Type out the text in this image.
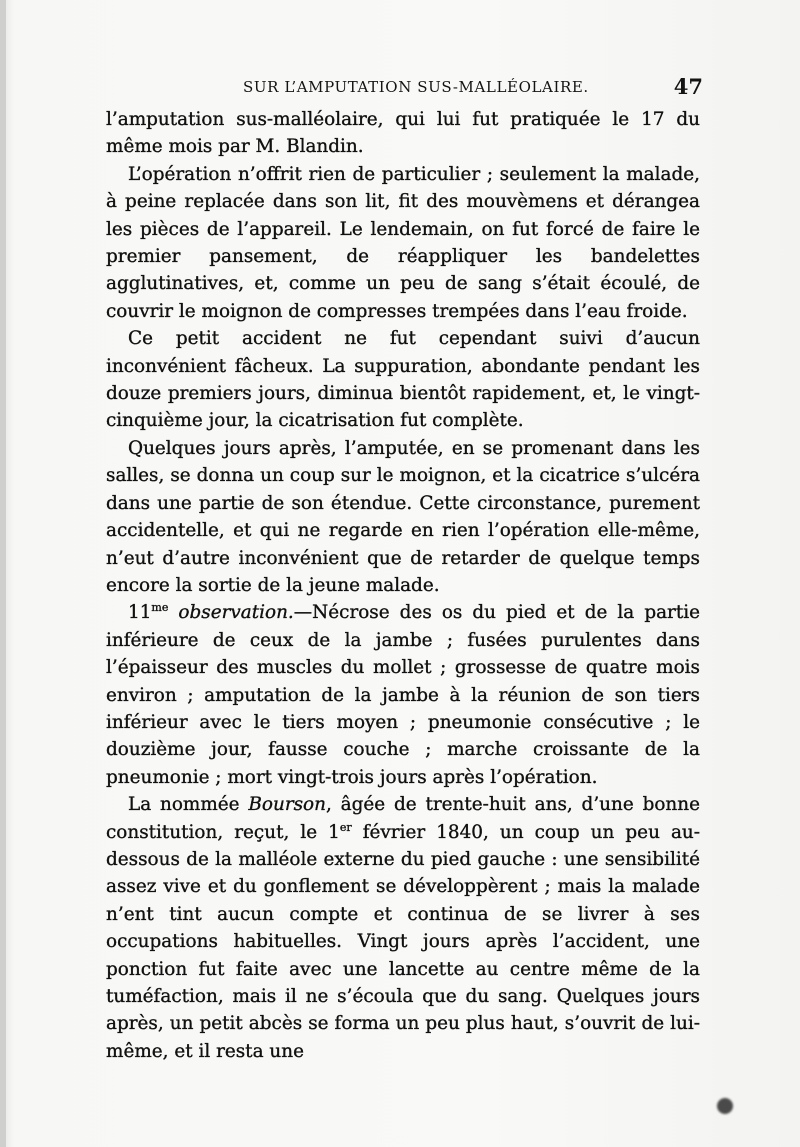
SUR L’AMPUTATION SUS-MALLÉOLAIRE.	47

l’amputation sus-malléolaire, qui lui fut pratiquée le 17 du même mois par M. Blandin.

L’opération n’offrit rien de particulier ; seulement la malade, à peine replacée dans son lit, fit des mouvèmens et dérangea les pièces de l’appareil. Le lendemain, on fut forcé de faire le premier pansement, de réappliquer les bandelettes agglutinatives, et, comme un peu de sang s’était écoulé, de couvrir le moignon de compresses trempées dans l’eau froide.

Ce petit accident ne fut cependant suivi d’aucun inconvénient fâcheux. La suppuration, abondante pendant les douze premiers jours, diminua bientôt rapidement, et, le vingt-cinquième jour, la cicatrisation fut complète.

Quelques jours après, l’amputée, en se promenant dans les salles, se donna un coup sur le moignon, et la cicatrice s’ulcéra dans une partie de son étendue. Cette circonstance, purement accidentelle, et qui ne regarde en rien l’opération elle-même, n’eut d’autre inconvénient que de retarder de quelque temps encore la sortie de la jeune malade.

$11^{me}$ observation.—Nécrose des os du pied et de la partie inférieure de ceux de la jambe ; fusées purulentes dans l’épaisseur des muscles du mollet ; grossesse de quatre mois environ ; amputation de la jambe à la réunion de son tiers inférieur avec le tiers moyen ; pneumonie consécutive ; le douzième jour, fausse couche ; marche croissante de la pneumonie ; mort vingt-trois jours après l’opération.

La nommée Bourson, âgée de trente-huit ans, d’une bonne constitution, reçut, le 1er février 1840, un coup un peu au-dessous de la malléole externe du pied gauche : une sensibilité assez vive et du gonflement se développèrent ; mais la malade n’ent tint aucun compte et continua de se livrer à ses occupations habituelles. Vingt jours après l’accident, une ponction fut faite avec une lancette au centre même de la tuméfaction, mais il ne s’écoula que du sang. Quelques jours après, un petit abcès se forma un peu plus haut, s’ouvrit de lui-même, et il resta une
